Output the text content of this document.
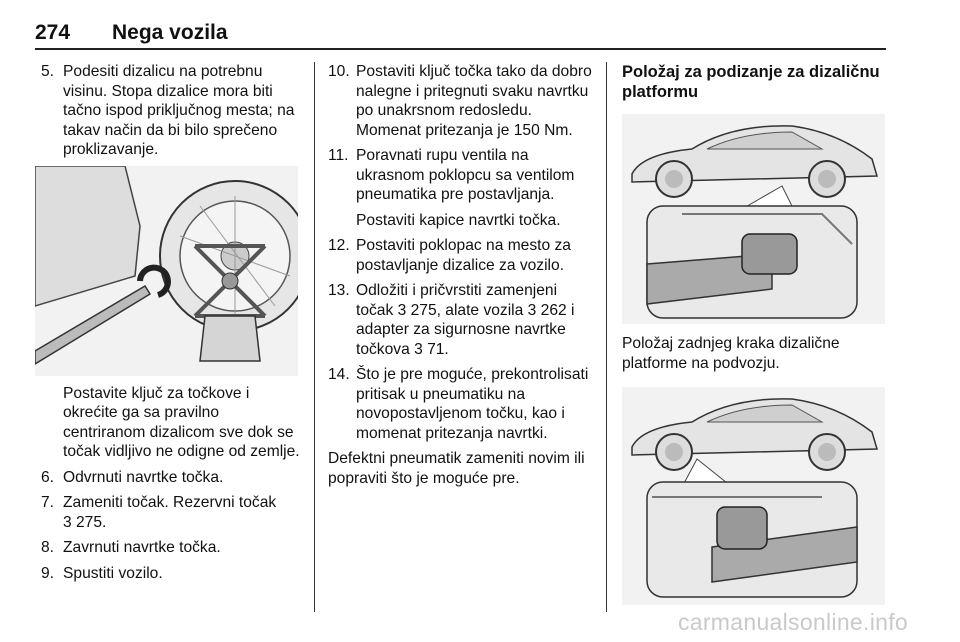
274 Nega vozila
5. Podesiti dizalicu na potrebnu visinu. Stopa dizalice mora biti tačno ispod priključnog mesta; na takav način da bi bilo sprečeno proklizavanje.
Postavite ključ za točkove i okrećite ga sa pravilno centriranom dizalicom sve dok se točak vidljivo ne odigne od zemlje.
6. Odvrnuti navrtke točka.
7. Zameniti točak. Rezervni točak
3 275.
8. Zavrnuti navrtke točka.
9. Spustiti vozilo.
10. Postaviti ključ točka tako da dobro nalegne i pritegnuti svaku navrtku po unakrsnom redosledu. Momenat pritezanja je 150 Nm.
11. Poravnati rupu ventila na ukrasnom poklopcu sa ventilom pneumatika pre postavljanja.
Postaviti kapice navrtki točka.
12. Postaviti poklopac na mesto za postavljanje dizalice za vozilo.
13. Odložiti i pričvrstiti zamenjeni točak 3 275, alate vozila 3 262 i adapter za sigurnosne navrtke točkova 3 71.
14. Što je pre moguće, prekontrolisati pritisak u pneumatiku na novopostavljenom točku, kao i momenat pritezanja navrtki.
Defektni pneumatik zameniti novim ili popraviti što je moguće pre.
Položaj za podizanje za dizaličnu platformu
Položaj zadnjeg kraka dizalične platforme na podvozju.
carmanualsonline.info
